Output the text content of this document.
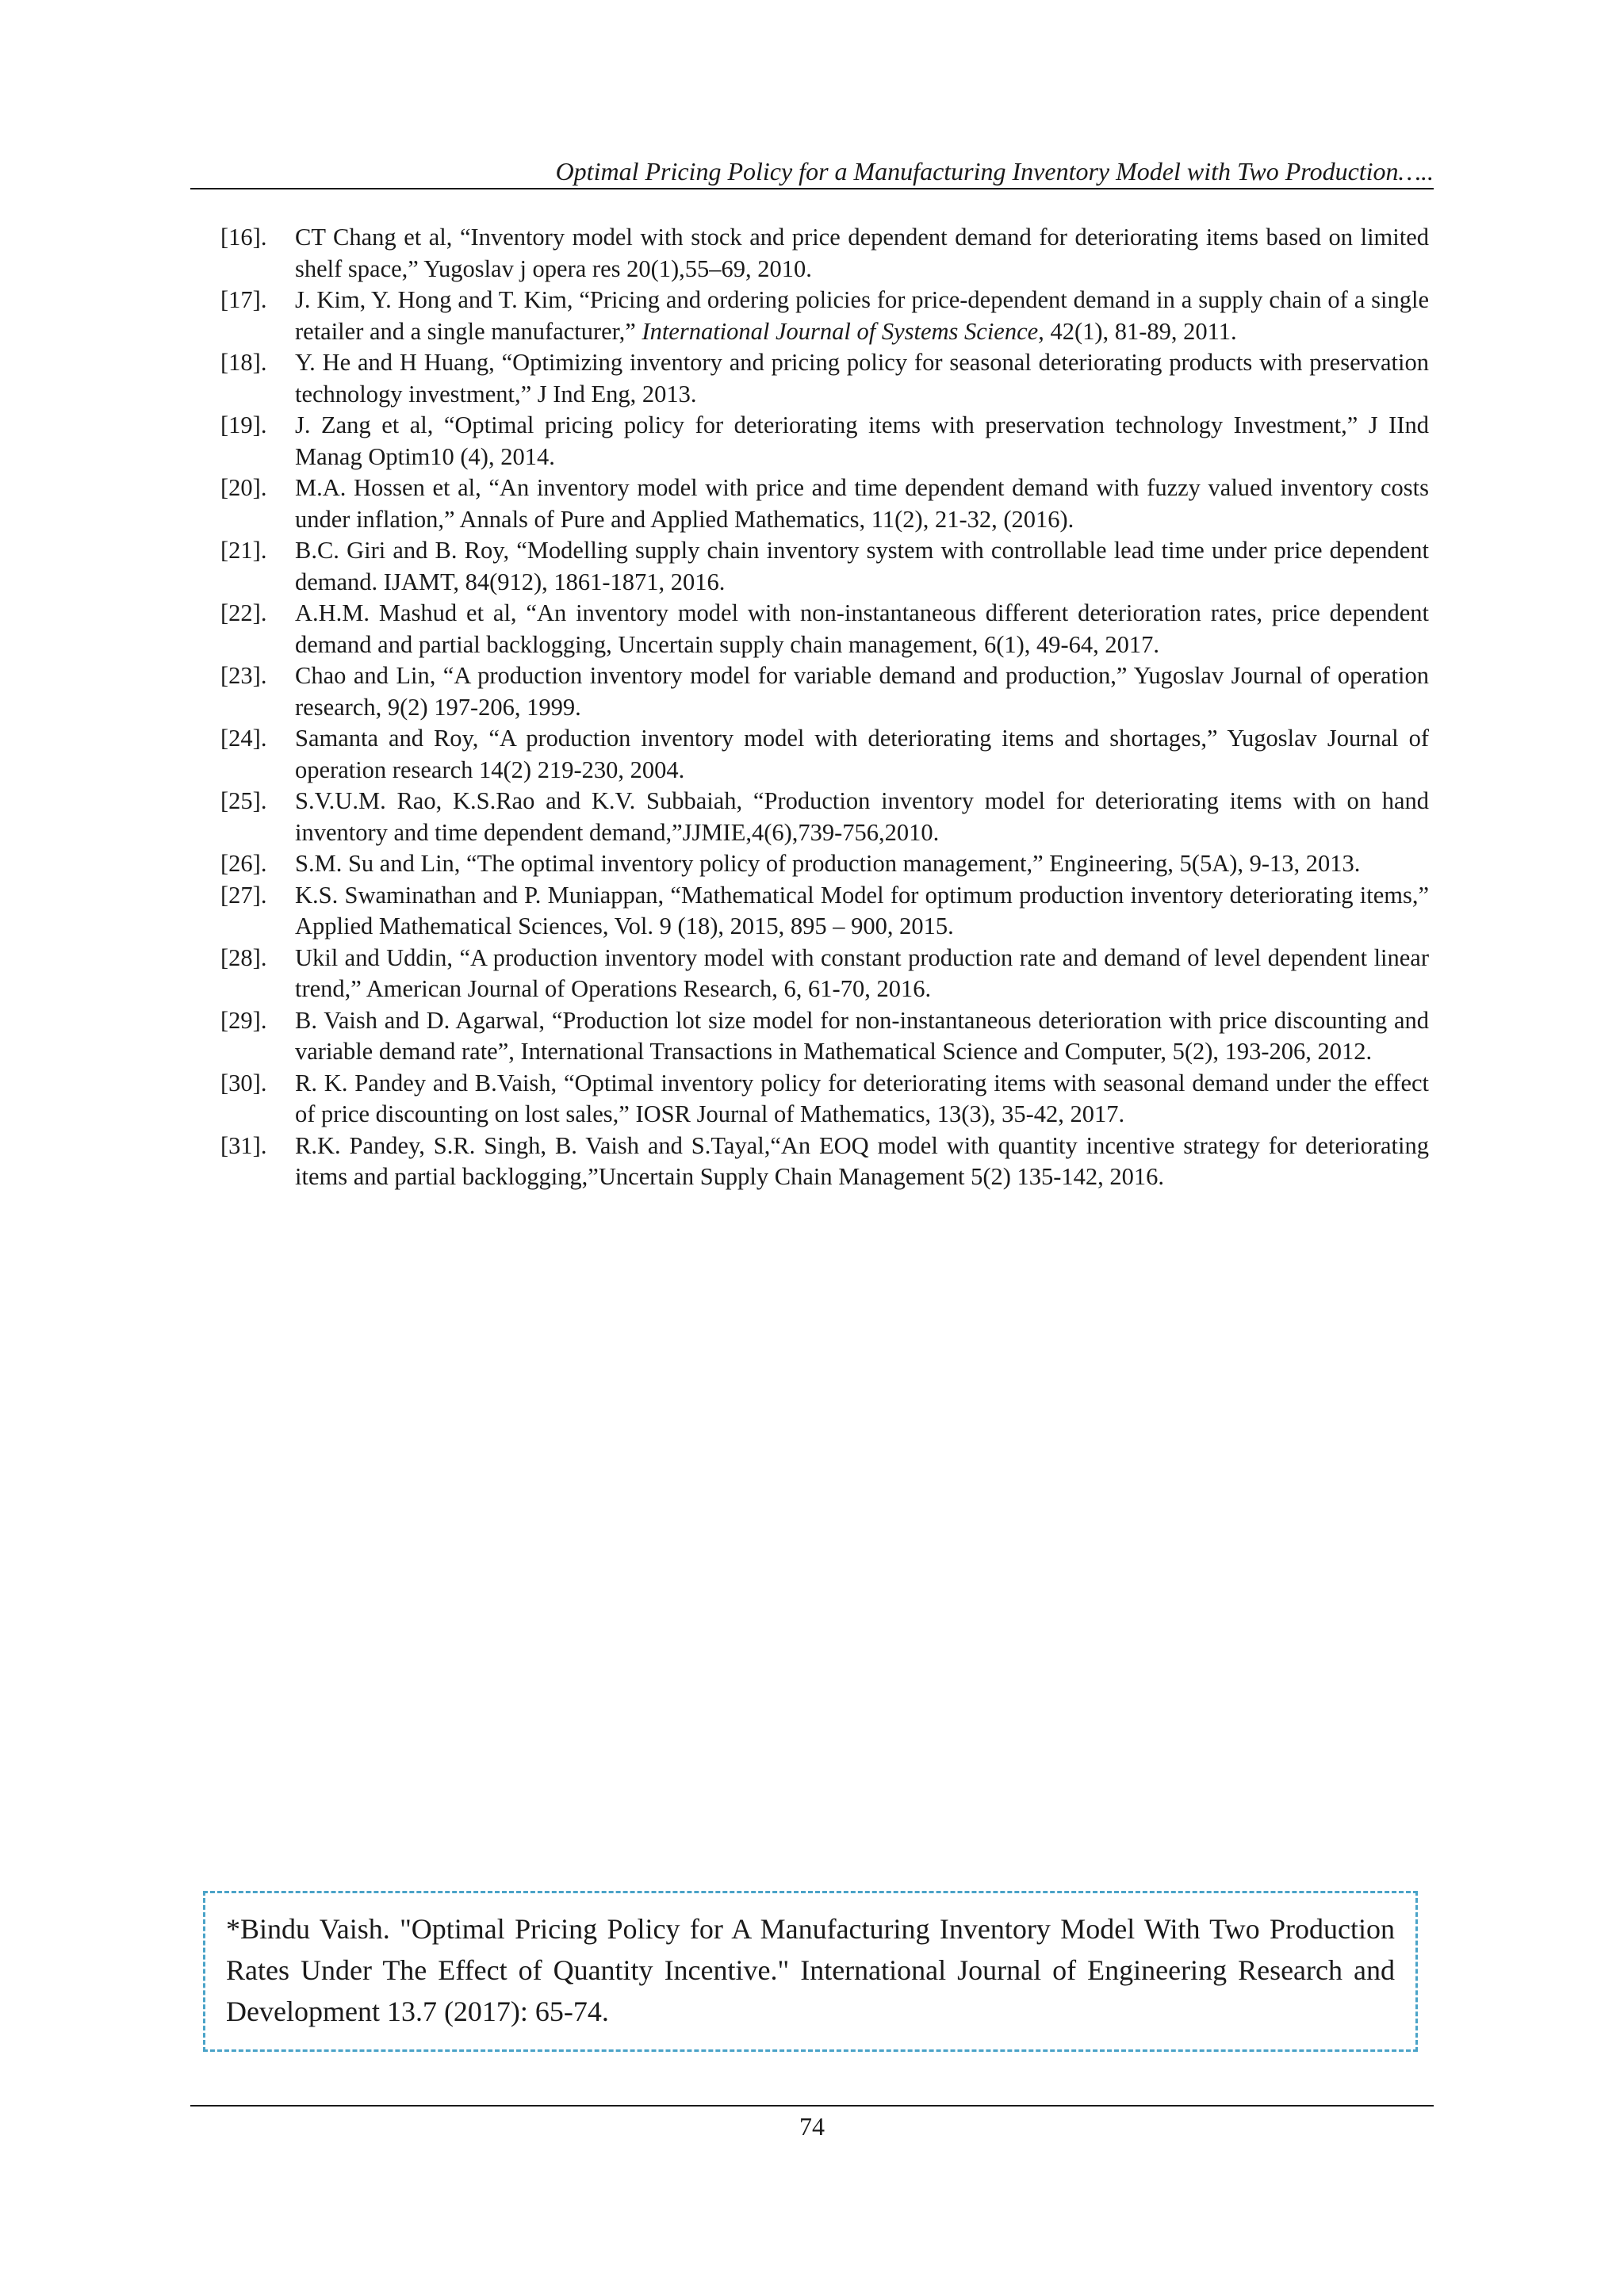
Optimal Pricing Policy for a Manufacturing Inventory Model with Two Production…..
[16].	CT Chang et al, “Inventory model with stock and price dependent demand for deteriorating items based on limited shelf space,” Yugoslav j opera res 20(1),55–69, 2010.
[17].	J. Kim, Y. Hong and T. Kim, “Pricing and ordering policies for price-dependent demand in a supply chain of a single retailer and a single manufacturer,” International Journal of Systems Science, 42(1), 81-89, 2011.
[18].	Y. He and H Huang, “Optimizing inventory and pricing policy for seasonal deteriorating products with preservation technology investment,” J Ind Eng, 2013.
[19].	J. Zang et al, “Optimal pricing policy for deteriorating items with preservation technology Investment,” J IInd Manag Optim10 (4), 2014.
[20].	M.A. Hossen et al, “An inventory model with price and time dependent demand with fuzzy valued inventory costs under inflation,” Annals of Pure and Applied Mathematics, 11(2), 21-32, (2016).
[21].	B.C. Giri and B. Roy, “Modelling supply chain inventory system with controllable lead time under price dependent demand. IJAMT, 84(912), 1861-1871, 2016.
[22].	A.H.M. Mashud et al, “An inventory model with non-instantaneous different deterioration rates, price dependent demand and partial backlogging, Uncertain supply chain management, 6(1), 49-64, 2017.
[23].	Chao and Lin, “A production inventory model for variable demand and production,” Yugoslav Journal of operation research, 9(2) 197-206, 1999.
[24].	Samanta and Roy, “A production inventory model with deteriorating items and shortages,” Yugoslav Journal of operation research 14(2) 219-230, 2004.
[25].	S.V.U.M. Rao, K.S.Rao and K.V. Subbaiah, “Production inventory model for deteriorating items with on hand inventory and time dependent demand,”JJMIE,4(6),739-756,2010.
[26].	S.M. Su and Lin, “The optimal inventory policy of production management,” Engineering, 5(5A), 9-13, 2013.
[27].	K.S. Swaminathan and P. Muniappan, “Mathematical Model for optimum production inventory deteriorating items,” Applied Mathematical Sciences, Vol. 9 (18), 2015, 895 – 900, 2015.
[28].	Ukil and Uddin, “A production inventory model with constant production rate and demand of level dependent linear trend,” American Journal of Operations Research, 6, 61-70, 2016.
[29].	B. Vaish and D. Agarwal, “Production lot size model for non-instantaneous deterioration with price discounting and variable demand rate”, International Transactions in Mathematical Science and Computer, 5(2), 193-206, 2012.
[30].	R. K. Pandey and B.Vaish, “Optimal inventory policy for deteriorating items with seasonal demand under the effect of price discounting on lost sales,” IOSR Journal of Mathematics, 13(3), 35-42, 2017.
[31].	R.K. Pandey, S.R. Singh, B. Vaish and S.Tayal,“An EOQ model with quantity incentive strategy for deteriorating items and partial backlogging,”Uncertain Supply Chain Management 5(2) 135-142, 2016.
*Bindu Vaish. "Optimal Pricing Policy for A Manufacturing Inventory Model With Two Production Rates Under The Effect of Quantity Incentive." International Journal of Engineering Research and Development 13.7 (2017): 65-74.
74
